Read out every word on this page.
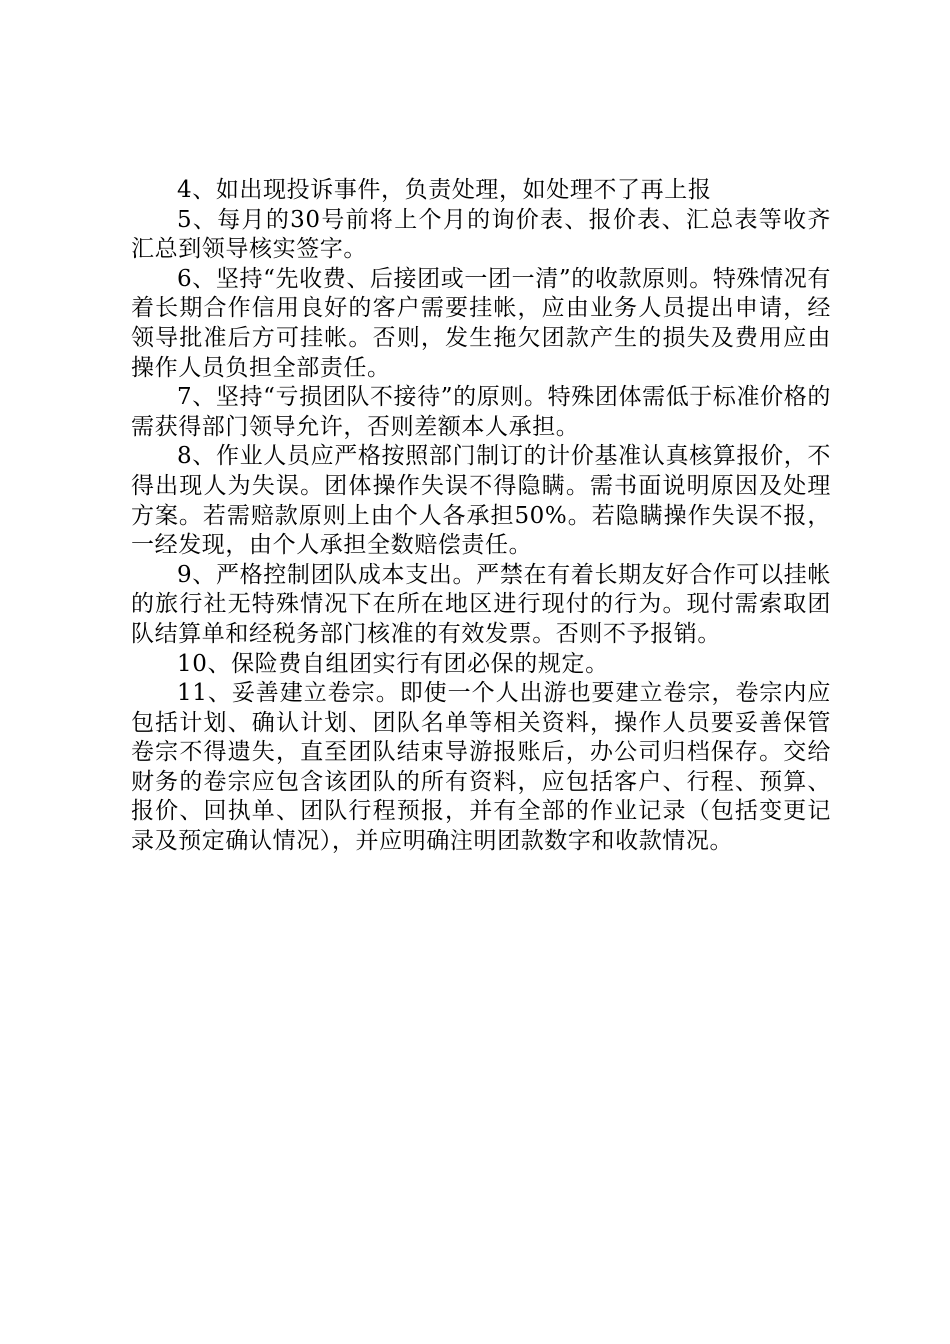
4、如出现投诉事件，负责处理，如处理不了再上报

5、每月的30号前将上个月的询价表、报价表、汇总表等收齐汇总到领导核实签字。

6、坚持“先收费、后接团或一团一清”的收款原则。特殊情况有着长期合作信用良好的客户需要挂帐，应由业务人员提出申请，经领导批准后方可挂帐。否则，发生拖欠团款产生的损失及费用应由操作人员负担全部责任。

7、坚持“亏损团队不接待”的原则。特殊团体需低于标准价格的需获得部门领导允许，否则差额本人承担。

8、作业人员应严格按照部门制订的计价基准认真核算报价，不得出现人为失误。团体操作失误不得隐瞒。需书面说明原因及处理方案。若需赔款原则上由个人各承担50%。若隐瞒操作失误不报，一经发现，由个人承担全数赔偿责任。

9、严格控制团队成本支出。严禁在有着长期友好合作可以挂帐的旅行社无特殊情况下在所在地区进行现付的行为。现付需索取团队结算单和经税务部门核准的有效发票。否则不予报销。

10、保险费自组团实行有团必保的规定。

11、妥善建立卷宗。即使一个人出游也要建立卷宗，卷宗内应包括计划、确认计划、团队名单等相关资料，操作人员要妥善保管卷宗不得遗失，直至团队结束导游报账后，办公司归档保存。交给财务的卷宗应包含该团队的所有资料，应包括客户、行程、预算、报价、回执单、团队行程预报，并有全部的作业记录（包括变更记录及预定确认情况），并应明确注明团款数字和收款情况。
